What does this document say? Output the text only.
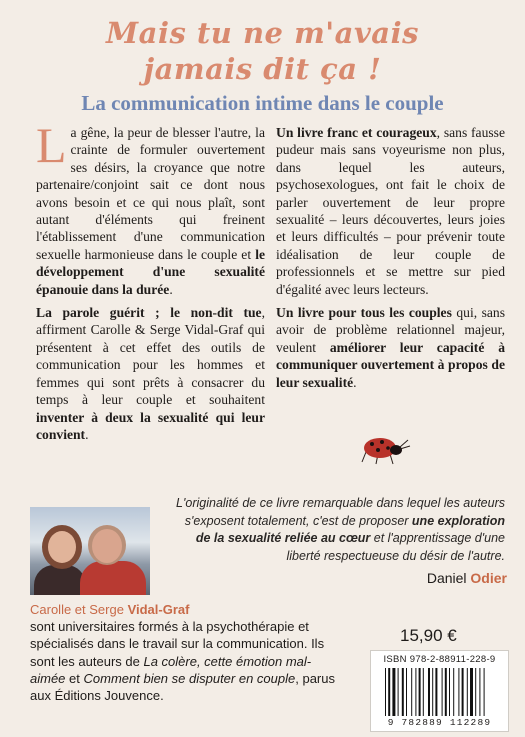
Mais tu ne m'avais
jamais dit ça !
La communication intime dans le couple

La gêne, la peur de blesser l'autre, la crainte de formuler ouvertement ses désirs, la croyance que notre partenaire/conjoint sait ce dont nous avons besoin et ce qui nous plaît, sont autant d'éléments qui freinent l'établissement d'une communication sexuelle harmonieuse dans le couple et le développement d'une sexualité épanouie dans la durée.

La parole guérit ; le non-dit tue, affirment Carolle & Serge Vidal-Graf qui présentent à cet effet des outils de communication pour les hommes et femmes qui sont prêts à consacrer du temps à leur couple et souhaitent inventer à deux la sexualité qui leur convient.

Un livre franc et courageux, sans fausse pudeur mais sans voyeurisme non plus, dans lequel les auteurs, psychosexologues, ont fait le choix de parler ouvertement de leur propre sexualité – leurs découvertes, leurs joies et leurs difficultés – pour prévenir toute idéalisation de leur couple de professionnels et se mettre sur pied d'égalité avec leurs lecteurs.

Un livre pour tous les couples qui, sans avoir de problème relationnel majeur, veulent améliorer leur capacité à communiquer ouvertement à propos de leur sexualité.

L'originalité de ce livre remarquable dans lequel les auteurs s'exposent totalement, c'est de proposer une exploration de la sexualité reliée au cœur et l'apprentissage d'une liberté respectueuse du désir de l'autre.
Daniel Odier
Carolle et Serge Vidal-Graf
sont universitaires formés à la psychothérapie et spécialisés dans le travail sur la communication. Ils sont les auteurs de La colère, cette émotion mal-aimée et Comment bien se disputer en couple, parus aux Éditions Jouvence.
15,90 €
ISBN 978-2-88911-228-9
9 782889 112289
